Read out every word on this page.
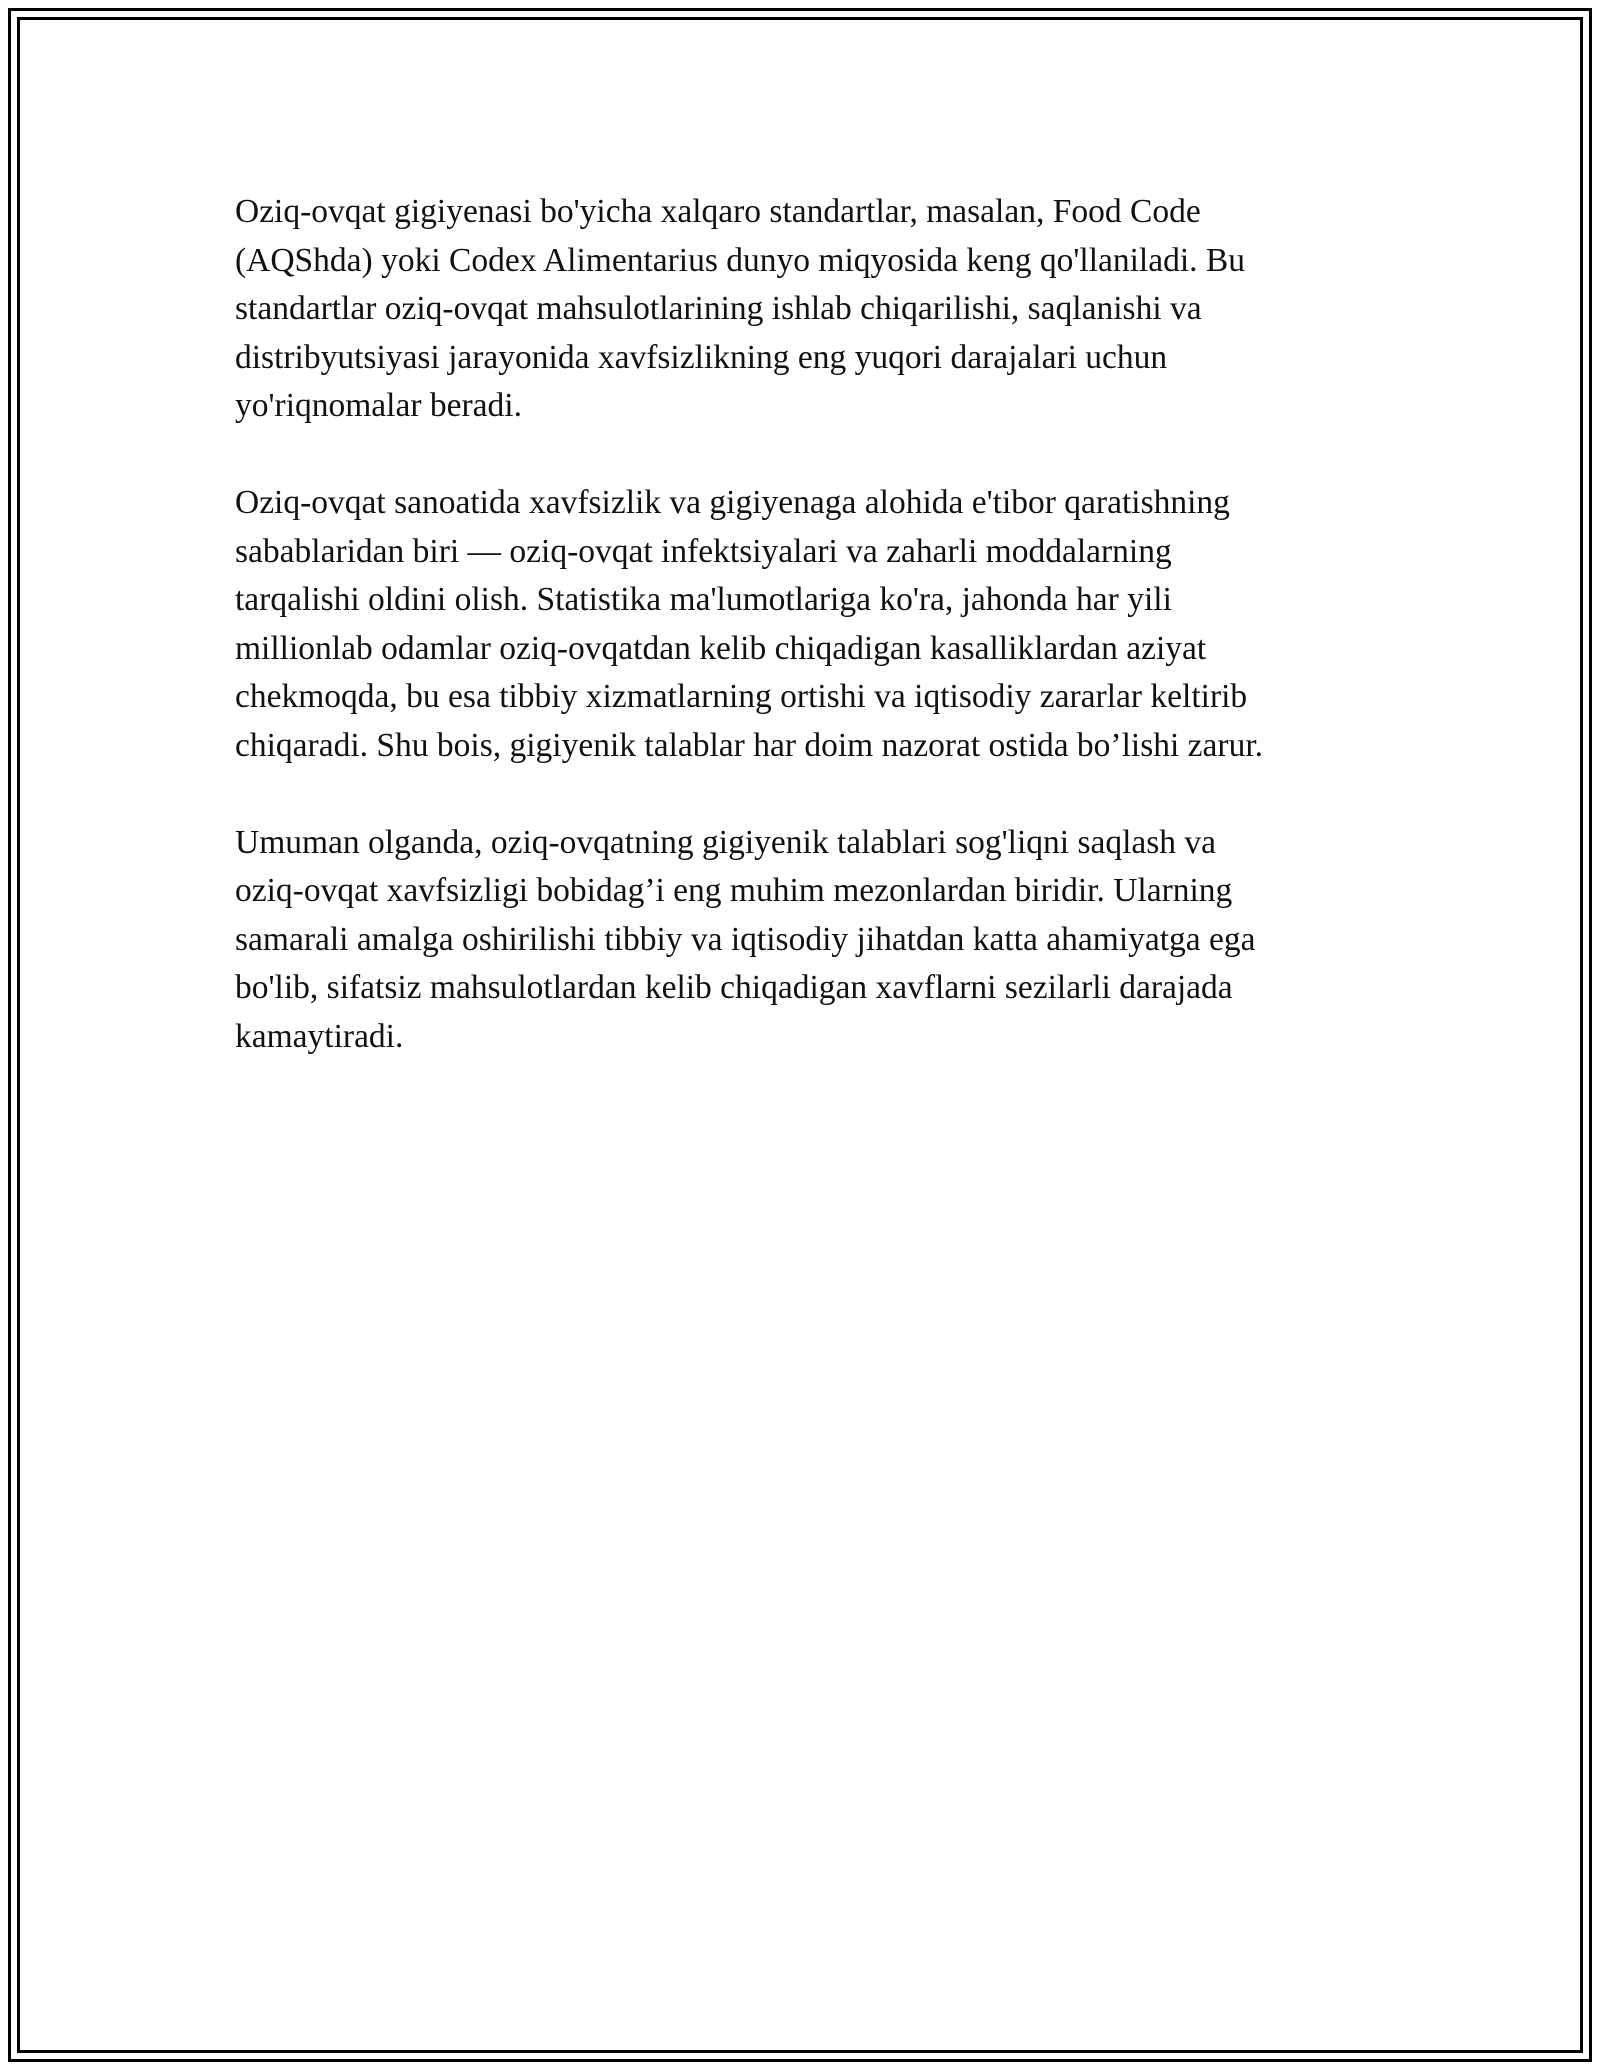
Oziq-ovqat gigiyenasi bo'yicha xalqaro standartlar, masalan, Food Code
(AQShda) yoki Codex Alimentarius dunyo miqyosida keng qo'llaniladi. Bu
standartlar oziq-ovqat mahsulotlarining ishlab chiqarilishi, saqlanishi va
distribyutsiyasi jarayonida xavfsizlikning eng yuqori darajalari uchun
yo'riqnomalar beradi.

Oziq-ovqat sanoatida xavfsizlik va gigiyenaga alohida e'tibor qaratishning
sabablaridan biri — oziq-ovqat infektsiyalari va zaharli moddalarning
tarqalishi oldini olish. Statistika ma'lumotlariga ko'ra, jahonda har yili
millionlab odamlar oziq-ovqatdan kelib chiqadigan kasalliklardan aziyat
chekmoqda, bu esa tibbiy xizmatlarning ortishi va iqtisodiy zararlar keltirib
chiqaradi. Shu bois, gigiyenik talablar har doim nazorat ostida bo’lishi zarur.

Umuman olganda, oziq-ovqatning gigiyenik talablari sog'liqni saqlash va
oziq-ovqat xavfsizligi bobidag’i eng muhim mezonlardan biridir. Ularning
samarali amalga oshirilishi tibbiy va iqtisodiy jihatdan katta ahamiyatga ega
bo'lib, sifatsiz mahsulotlardan kelib chiqadigan xavflarni sezilarli darajada
kamaytiradi.
